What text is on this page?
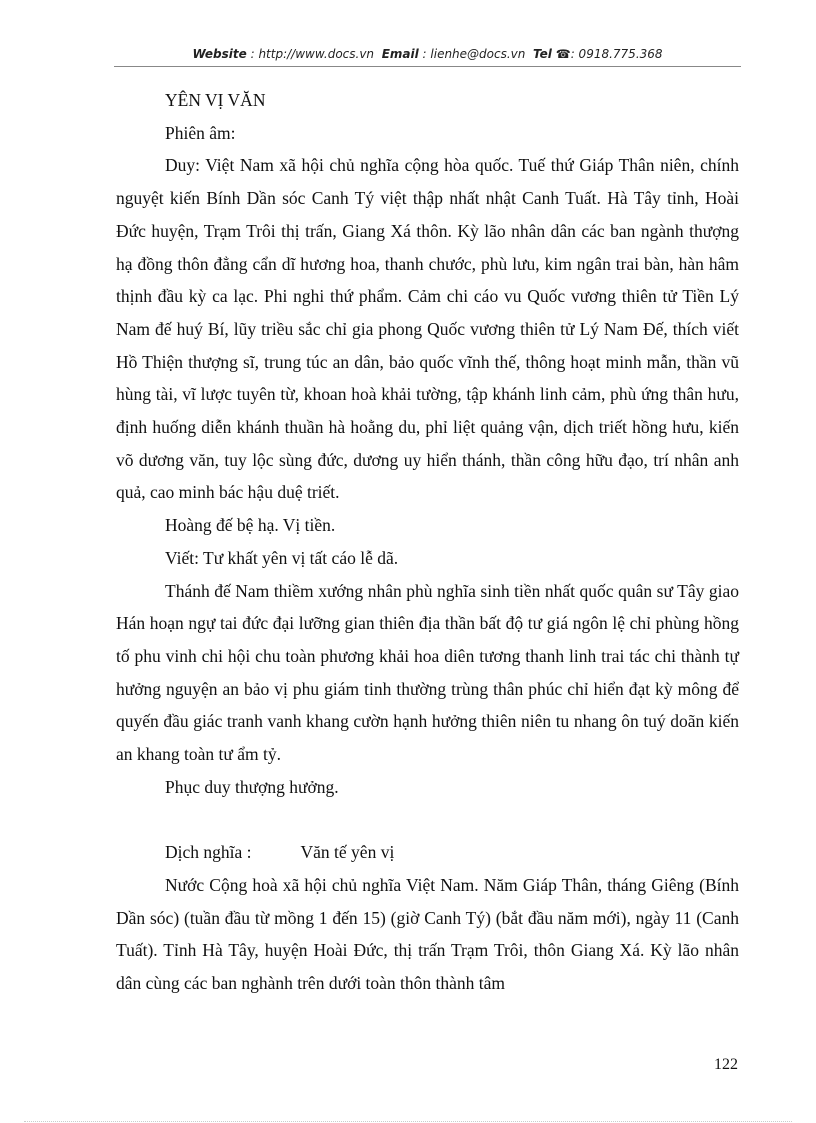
Website : http://www.docs.vn Email : lienhe@docs.vn Tel ☎: 0918.775.368

YÊN VỊ VĂN

Phiên âm:

Duy: Việt Nam xã hội chủ nghĩa cộng hòa quốc. Tuế thứ Giáp Thân niên, chính nguyệt kiến Bính Dần sóc Canh Tý việt thập nhất nhật Canh Tuất. Hà Tây tỉnh, Hoài Đức huyện, Trạm Trôi thị trấn, Giang Xá thôn. Kỳ lão nhân dân các ban ngành thượng hạ đồng thôn đẳng cẩn dĩ hương hoa, thanh chước, phù lưu, kim ngân trai bàn, hàn hâm thịnh đầu kỳ ca lạc. Phi nghi thứ phẩm. Cảm chi cáo vu Quốc vương thiên tử Tiền Lý Nam đế huý Bí, lũy triều sắc chỉ gia phong Quốc vương thiên tử Lý Nam Đế, thích viết Hồ Thiện thượng sĩ, trung túc an dân, bảo quốc vĩnh thế, thông hoạt minh mẫn, thần vũ hùng tài, vĩ lược tuyên từ, khoan hoà khải tường, tập khánh linh cảm, phù ứng thân hưu, định huống diễn khánh thuần hà hoằng du, phỉ liệt quảng vận, dịch triết hồng hưu, kiến võ dương văn, tuy lộc sùng đức, dương uy hiển thánh, thần công hữu đạo, trí nhân anh quả, cao minh bác hậu duệ triết.

Hoàng đế bệ hạ. Vị tiền.

Viết: Tư khất yên vị tất cáo lễ dã.

Thánh đế Nam thiềm xướng nhân phù nghĩa sinh tiền nhất quốc quân sư Tây giao Hán hoạn ngự tai đức đại lưỡng gian thiên địa thần bất độ tư giá ngôn lệ chỉ phùng hồng tố phu vinh chi hội chu toàn phương khải hoa diên tương thanh linh trai tác chi thành tự hưởng nguyện an bảo vị phu giám tinh thường trùng thân phúc chỉ hiển đạt kỳ mông để quyến đầu giác tranh vanh khang cườn hạnh hưởng thiên niên tu nhang ôn tuý doãn kiến an khang toàn tư ẩm tỷ.

Phục duy thượng hưởng.

Dịch nghĩa :	Văn tế yên vị

Nước Cộng hoà xã hội chủ nghĩa Việt Nam. Năm Giáp Thân, tháng Giêng (Bính Dần sóc) (tuần đầu từ mồng 1 đến 15) (giờ Canh Tý) (bắt đầu năm mới), ngày 11 (Canh Tuất). Tỉnh Hà Tây, huyện Hoài Đức, thị trấn Trạm Trôi, thôn Giang Xá. Kỳ lão nhân dân cùng các ban nghành trên dưới toàn thôn thành tâm

122
